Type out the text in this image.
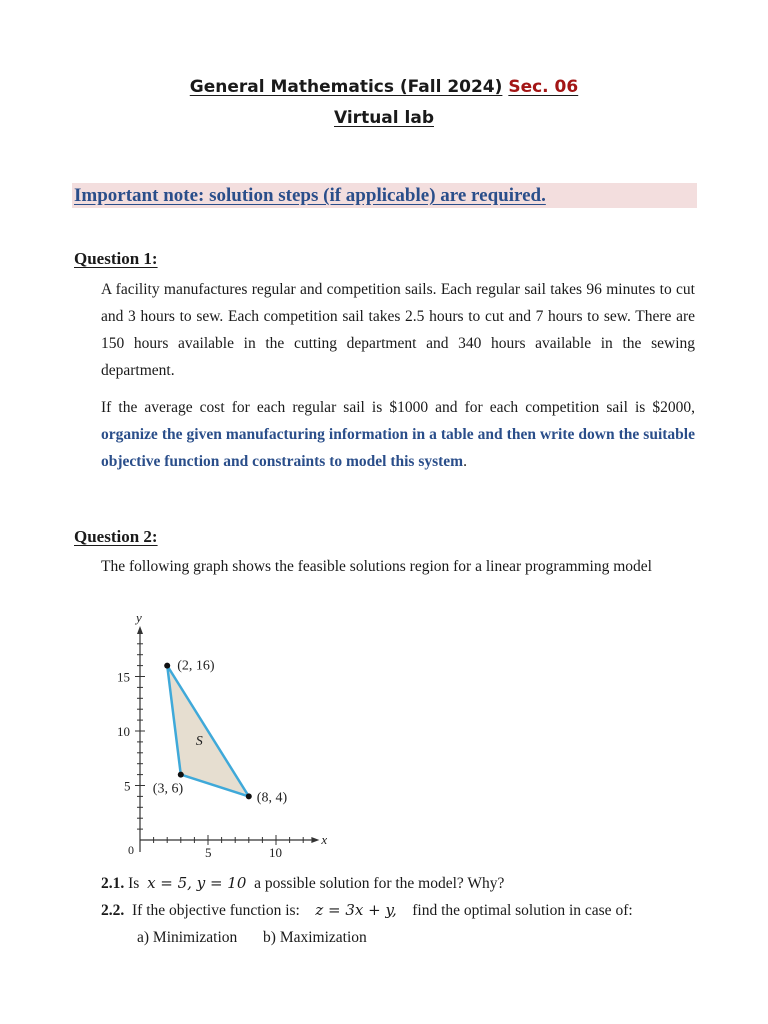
General Mathematics (Fall 2024) Sec. 06
Virtual lab
Important note: solution steps (if applicable) are required.
Question 1:
A facility manufactures regular and competition sails. Each regular sail takes 96 minutes to cut and 3 hours to sew. Each competition sail takes 2.5 hours to cut and 7 hours to sew. There are 150 hours available in the cutting department and 340 hours available in the sewing department.
If the average cost for each regular sail is $1000 and for each competition sail is $2000, organize the given manufacturing information in a table and then write down the suitable objective function and constraints to model this system.
Question 2:
The following graph shows the feasible solutions region for a linear programming model
0	5	10
5
10
15
x
y
S
(2, 16)
(3, 6)
(8, 4)
2.1. Is x = 5, y = 10 a possible solution for the model? Why?
2.2. If the objective function is: z = 3x + y, find the optimal solution in case of:
a) Minimization b) Maximization
